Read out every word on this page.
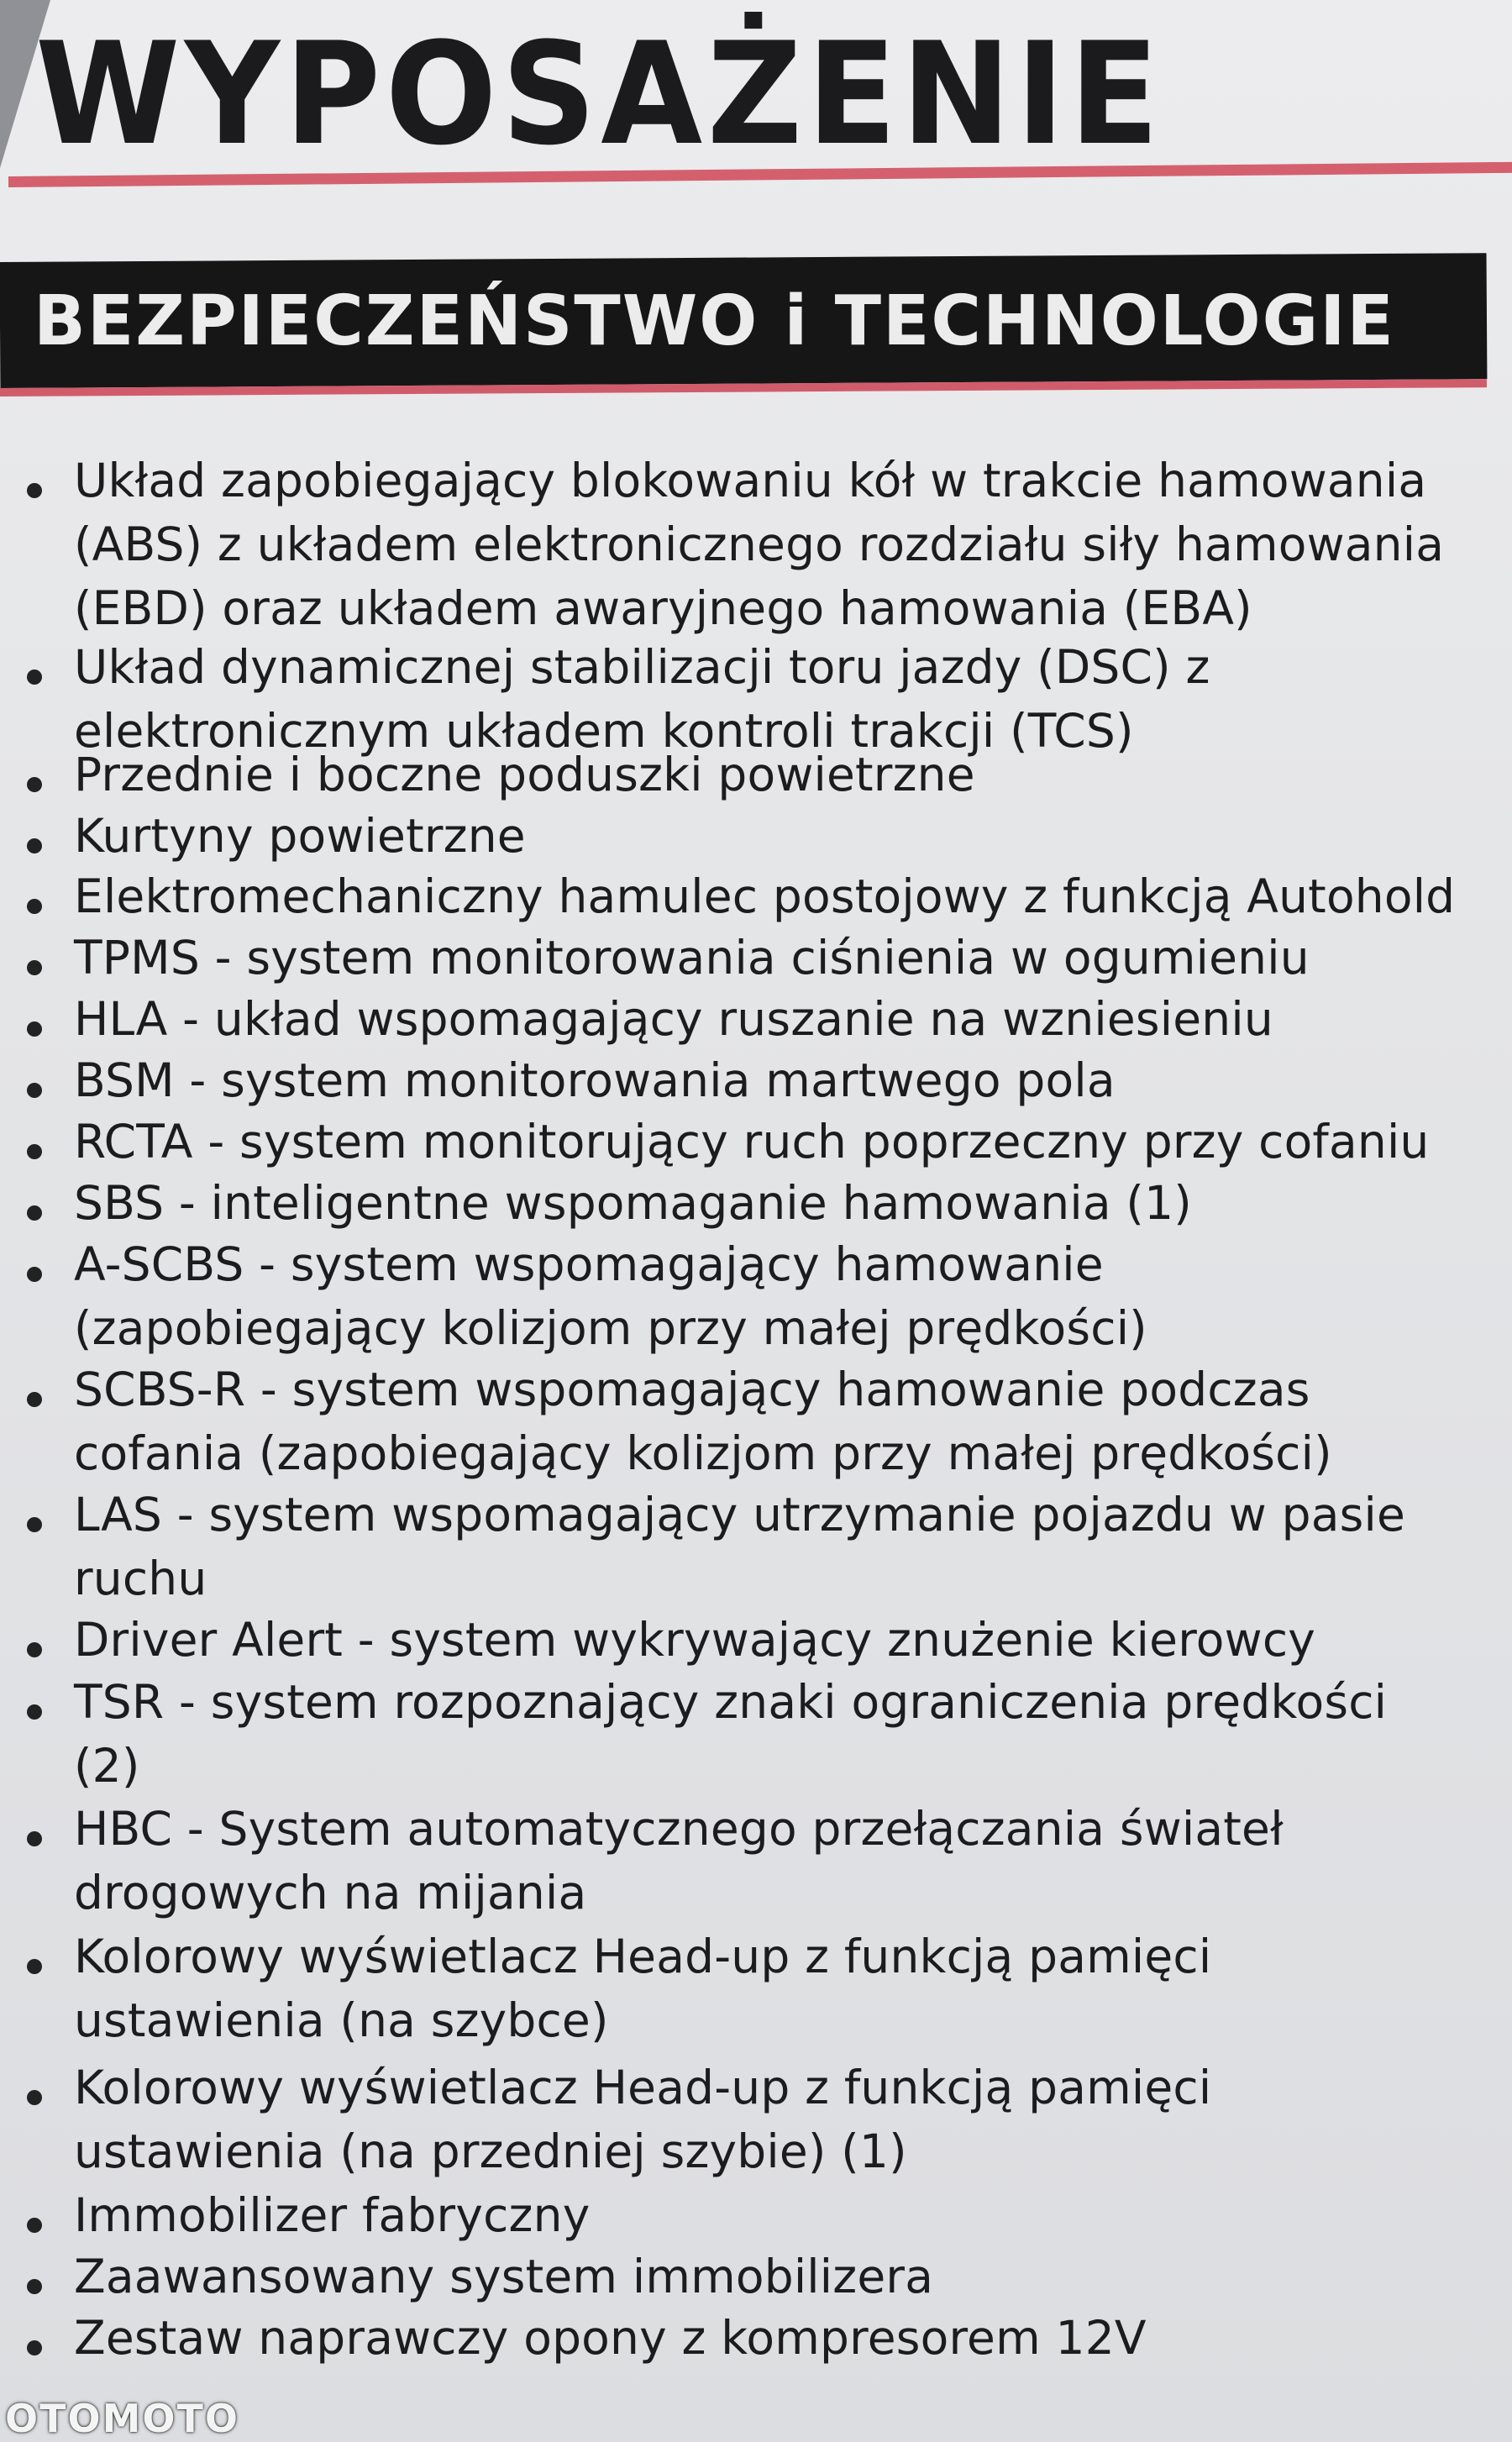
WYPOSAŻENIE
BEZPIECZEŃSTWO i TECHNOLOGIE
Układ zapobiegający blokowaniu kół w trakcie hamowania
(ABS) z układem elektronicznego rozdziału siły hamowania
(EBD) oraz układem awaryjnego hamowania (EBA)
Układ dynamicznej stabilizacji toru jazdy (DSC) z
elektronicznym układem kontroli trakcji (TCS)
Przednie i boczne poduszki powietrzne
Kurtyny powietrzne
Elektromechaniczny hamulec postojowy z funkcją Autohold
TPMS - system monitorowania ciśnienia w ogumieniu
HLA - układ wspomagający ruszanie na wzniesieniu
BSM - system monitorowania martwego pola
RCTA - system monitorujący ruch poprzeczny przy cofaniu
SBS - inteligentne wspomaganie hamowania (1)
A-SCBS - system wspomagający hamowanie
(zapobiegający kolizjom przy małej prędkości)
SCBS-R - system wspomagający hamowanie podczas
cofania (zapobiegający kolizjom przy małej prędkości)
LAS - system wspomagający utrzymanie pojazdu w pasie
ruchu
Driver Alert - system wykrywający znużenie kierowcy
TSR - system rozpoznający znaki ograniczenia prędkości
(2)
HBC - System automatycznego przełączania świateł
drogowych na mijania
Kolorowy wyświetlacz Head-up z funkcją pamięci
ustawienia (na szybce)
Kolorowy wyświetlacz Head-up z funkcją pamięci
ustawienia (na przedniej szybie) (1)
Immobilizer fabryczny
Zaawansowany system immobilizera
Zestaw naprawczy opony z kompresorem 12V
OTOMOTO
